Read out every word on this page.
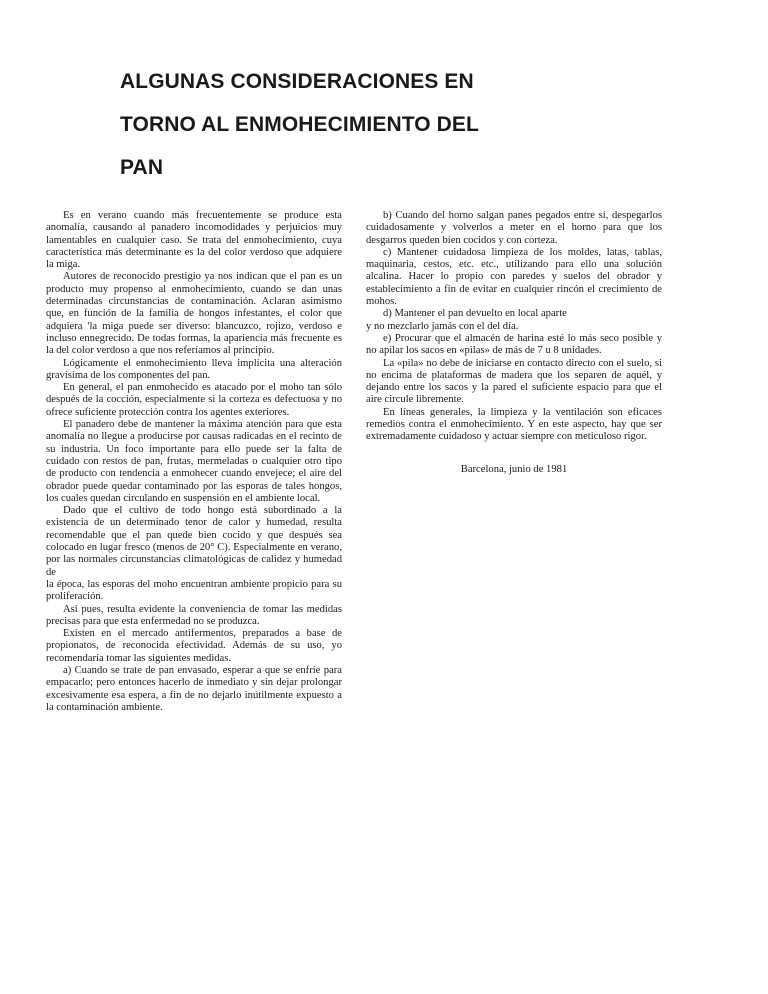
ALGUNAS CONSIDERACIONES EN
TORNO AL ENMOHECIMIENTO DEL
PAN

Es en verano cuando más frecuentemente se produce esta anomalía, causando al panadero incomodidades y perjuicios muy lamentables en cualquier caso. Se trata del enmohecimiento, cuya característica más determinante es la del color verdoso que adquiere la miga.

Autores de reconocido prestigio ya nos indican que el pan es un producto muy propenso al enmohecimiento, cuando se dan unas determinadas circunstancias de contaminación. Aclaran asimismo que, en función de la familia de hongos infestantes, el color que adquiera 'la miga puede ser diverso: blancuzco, rojizo, verdoso e incluso ennegrecido. De todas formas, la apariencia más frecuente es la del color verdoso a que nos referíamos al principio.

Lógicamente el enmohecimiento lleva implícita una alteración gravísima de los componentes del pan.

En general, el pan enmohecido es atacado por el moho tan sólo después de la cocción, especialmente si la corteza es defectuosa y no ofrece suficiente protección contra los agentes exteriores.

El panadero debe de mantener la máxima atención para que esta anomalía no llegue a producirse por causas radicadas en el recinto de su industria. Un foco importante para ello puede ser la falta de cuidado con restos de pan, frutas, mermeladas o cualquier otro tipo de producto con tendencia a enmohecer cuando envejece; el aire del obrador puede quedar contaminado por las esporas de tales hongos, los cuales quedan circulando en suspensión en el ambiente local.

Dado que el cultivo de todo hongo está subordinado a la existencia de un determinado tenor de calor y humedad, resulta recomendable que el pan quede bien cocido y que después sea colocado en lugar fresco (menos de 20° C). Especialmente en verano, por las normales circunstancias climatológicas de calidez y humedad de

la época, las esporas del moho encuentran ambiente propicio para su proliferación.

Así pues, resulta evidente la conveniencia de tomar las medidas precisas para que esta enfermedad no se produzca.

Existen en el mercado antifermentos, preparados a base de propionatos, de reconocida efectividad. Además de su uso, yo recomendaría tomar las siguientes medidas.

a) Cuando se trate de pan envasado, esperar a que se enfríe para empacarlo; pero entonces hacerlo de inmediato y sin dejar prolongar excesivamente esa espera, a fin de no dejarlo inútilmente expuesto a la contaminación ambiente.

b) Cuando del horno salgan panes pegados entre sí, despegarlos cuidadosamente y volverlos a meter en el horno para que los desgarros queden bien cocidos y con corteza.

c) Mantener cuidadosa limpieza de los moldes, latas, tablas, maquinaria, cestos, etc. etc., utilizando para ello una solución alcalina. Hacer lo propio con paredes y suelos del obrador y establecimiento a fin de evitar en cualquier rincón el crecimiento de mohos.

d) Mantener el pan devuelto en local aparte

y no mezclarlo jamás con el del día.

e) Procurar que el almacén de harina esté lo más seco posible y no apilar los sacos en «pilas» de más de 7 u 8 unidades.

La «pila» no debe de iniciarse en contacto directo con el suelo, si no encima de plataformas de madera que los separen de aquél, y dejando entre los sacos y la pared el suficiente espacio para que el aire circule libremente.

En líneas generales, la limpieza y la ventilación son eficaces remedios contra el enmohecimiento. Y en este aspecto, hay que ser extremadamente cuidadoso y actuar siempre con meticuloso rigor.

Barcelona, junio de 1981
